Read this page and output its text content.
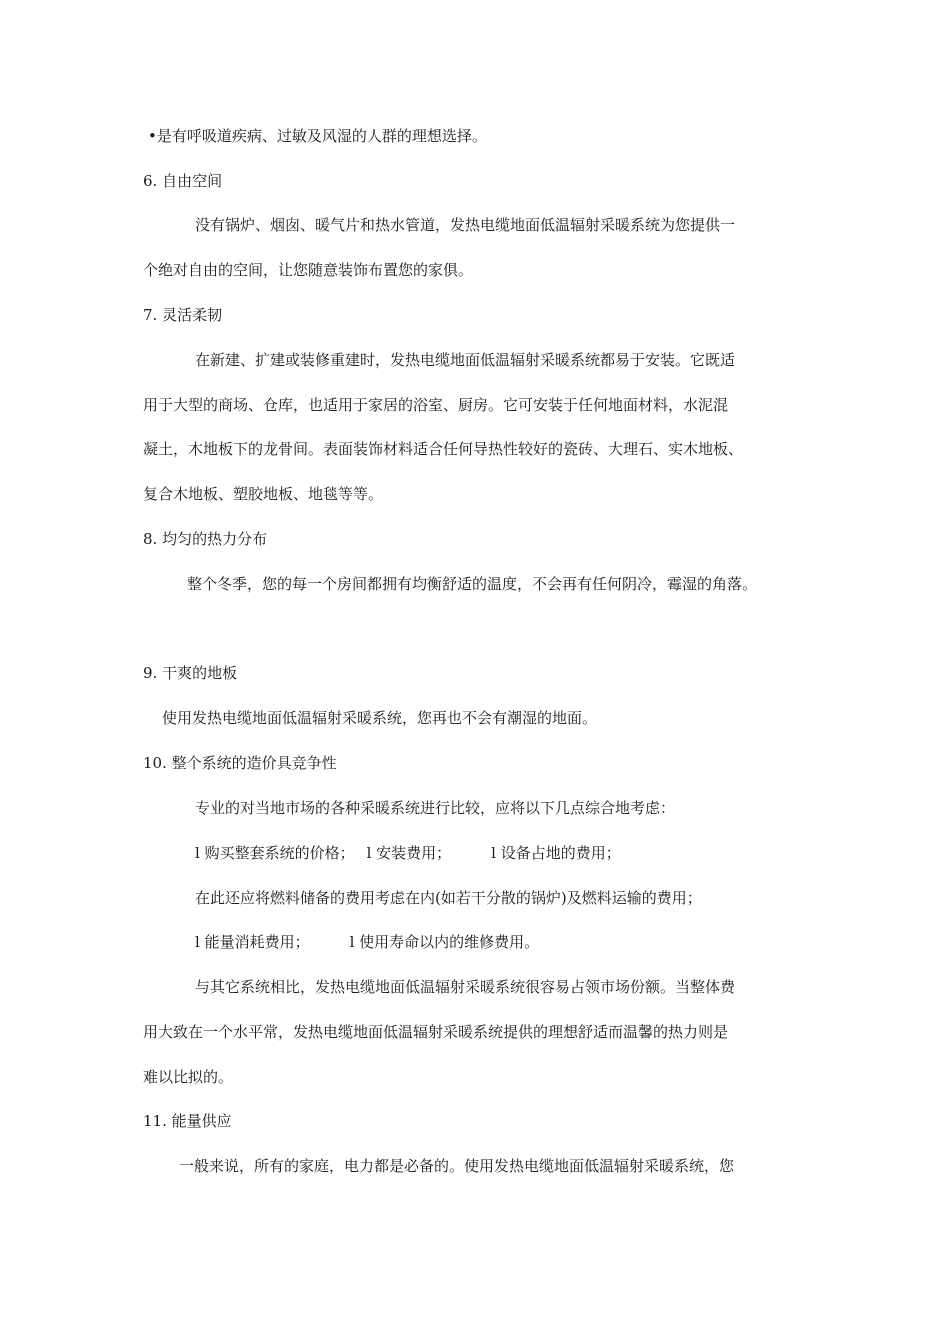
•是有呼吸道疾病、过敏及风湿的人群的理想选择。
6. 自由空间
没有锅炉、烟囱、暖气片和热水管道，发热电缆地面低温辐射采暖系统为您提供一
个绝对自由的空间，让您随意装饰布置您的家俱。
7. 灵活柔韧
在新建、扩建或装修重建时，发热电缆地面低温辐射采暖系统都易于安装。它既适
用于大型的商场、仓库，也适用于家居的浴室、厨房。它可安装于任何地面材料，水泥混
凝土，木地板下的龙骨间。表面装饰材料适合任何导热性较好的瓷砖、大理石、实木地板、
复合木地板、塑胶地板、地毯等等。
8. 均匀的热力分布
整个冬季，您的每一个房间都拥有均衡舒适的温度，不会再有任何阴冷，霉湿的角落。
9. 干爽的地板
使用发热电缆地面低温辐射采暖系统，您再也不会有潮湿的地面。
10. 整个系统的造价具竞争性
专业的对当地市场的各种采暖系统进行比较，应将以下几点综合地考虑：
l 购买整套系统的价格； l 安装费用；	l 设备占地的费用；
在此还应将燃料储备的费用考虑在内(如若干分散的锅炉)及燃料运输的费用；
l 能量消耗费用；	l 使用寿命以内的维修费用。
与其它系统相比，发热电缆地面低温辐射采暖系统很容易占领市场份额。当整体费
用大致在一个水平常，发热电缆地面低温辐射采暖系统提供的理想舒适而温馨的热力则是
难以比拟的。
11. 能量供应
一般来说，所有的家庭，电力都是必备的。使用发热电缆地面低温辐射采暖系统，您
